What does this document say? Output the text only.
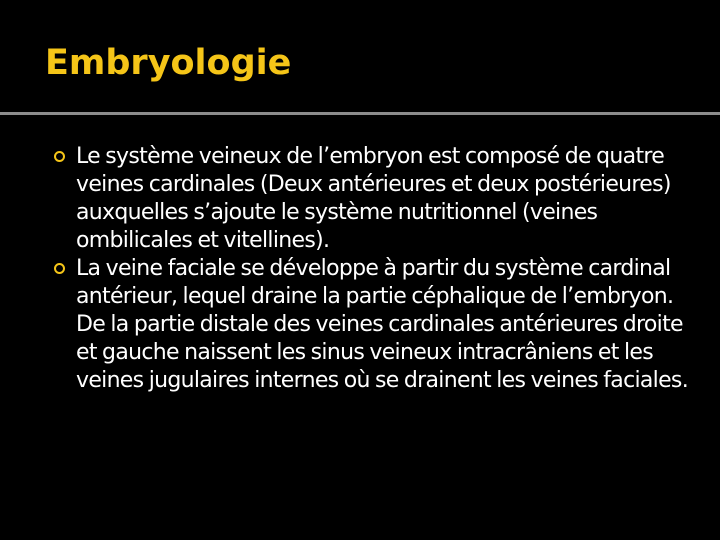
Embryologie
Le système veineux de l’embryon est composé de quatre veines cardinales (Deux antérieures et deux postérieures) auxquelles s’ajoute le système nutritionnel (veines ombilicales et vitellines).
La veine faciale se développe à partir du système cardinal antérieur, lequel draine la partie céphalique de l’embryon. De la partie distale des veines cardinales antérieures droite et gauche naissent les sinus veineux intracrâniens et les veines jugulaires internes où se drainent les veines faciales.
